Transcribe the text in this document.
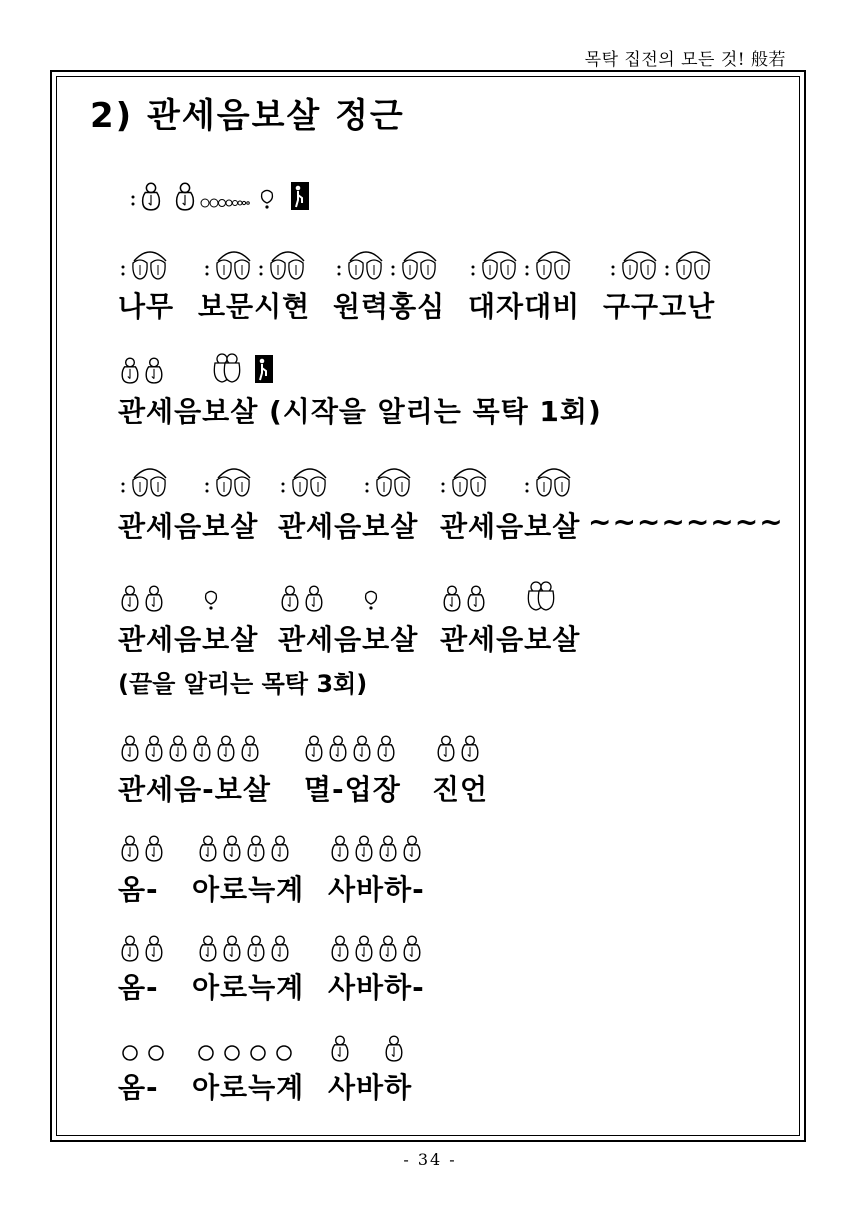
목탁 집전의 모든 것! 般若
2) 관세음보살 정근

나무

보문시현

원력홍심

대자대비

구구고난

관세음보살 (시작을 알리는 목탁 1회)

관세음보살

관세음보살

관세음보살

~~~~~~~~

관세음보살

관세음보살

관세음보살

(끝을 알리는 목탁 3회)

관세음-보살

멸-업장

진언

옴-

아로늑계

사바하-

옴-

아로늑계

사바하-

옴-

아로늑계

사바하

- 34 -
